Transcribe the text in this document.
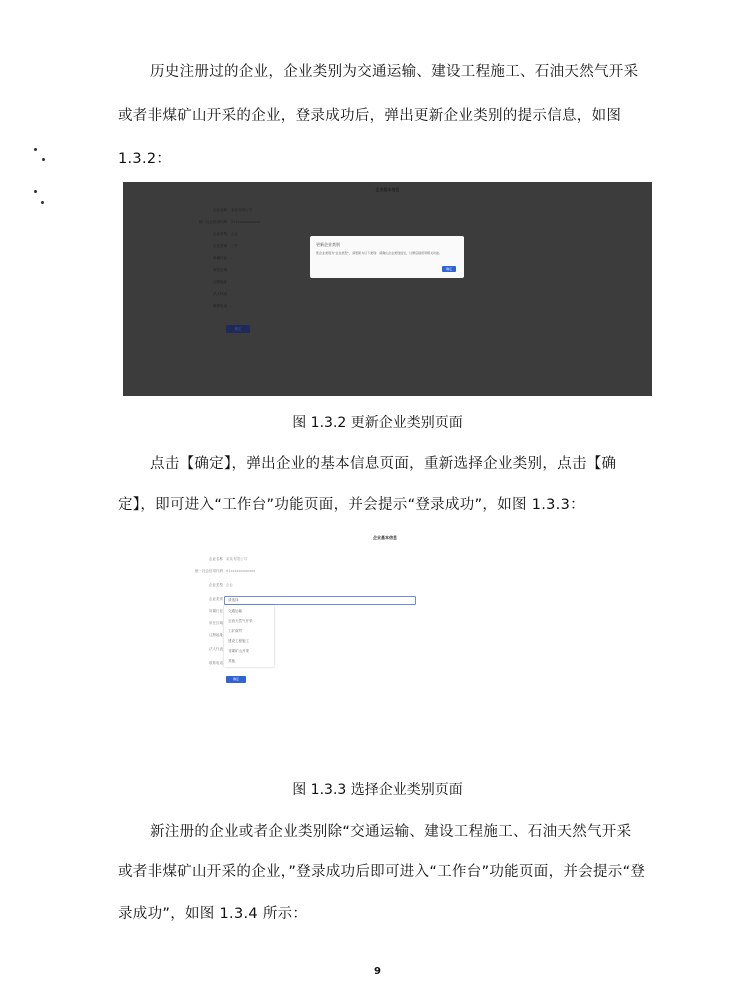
历史注册过的企业，企业类别为交通运输、建设工程施工、石油天然气开采

或者非煤矿山开采的企业，登录成功后，弹出更新企业类别的提示信息，如图

1.3.2：

企业基本信息
企业名称 某某有限公司
统一社会信用代码 91xxxxxxxxxxxx
企业类型 企业
企业类别 工矿
所属行业 --
所在区域 --
注册地址 --
法人代表 --
联系电话 --
确定
更新企业类别
您企业类别为“企业类型”，请更新为以下类别：请确认企业类别信息，以便后续使用相关功能。
确定

图 1.3.2 更新企业类别页面

点击【确定】，弹出企业的基本信息页面，重新选择企业类别，点击【确

定】，即可进入“工作台”功能页面，并会提示“登录成功”，如图 1.3.3：

企业基本信息
企业名称 某某有限公司
统一社会信用代码 91xxxxxxxxxxxx
企业类型 企业
企业类别
所属行业
所在区域
注册地址
法人代表
联系电话
请选择
交通运输
石油天然气开采
工矿商贸
建设工程施工
非煤矿山开采
其他
确定

图 1.3.3 选择企业类别页面

新注册的企业或者企业类别除“交通运输、建设工程施工、石油天然气开采

或者非煤矿山开采的企业，”登录成功后即可进入“工作台”功能页面，并会提示“登

录成功”，如图 1.3.4 所示：

9
